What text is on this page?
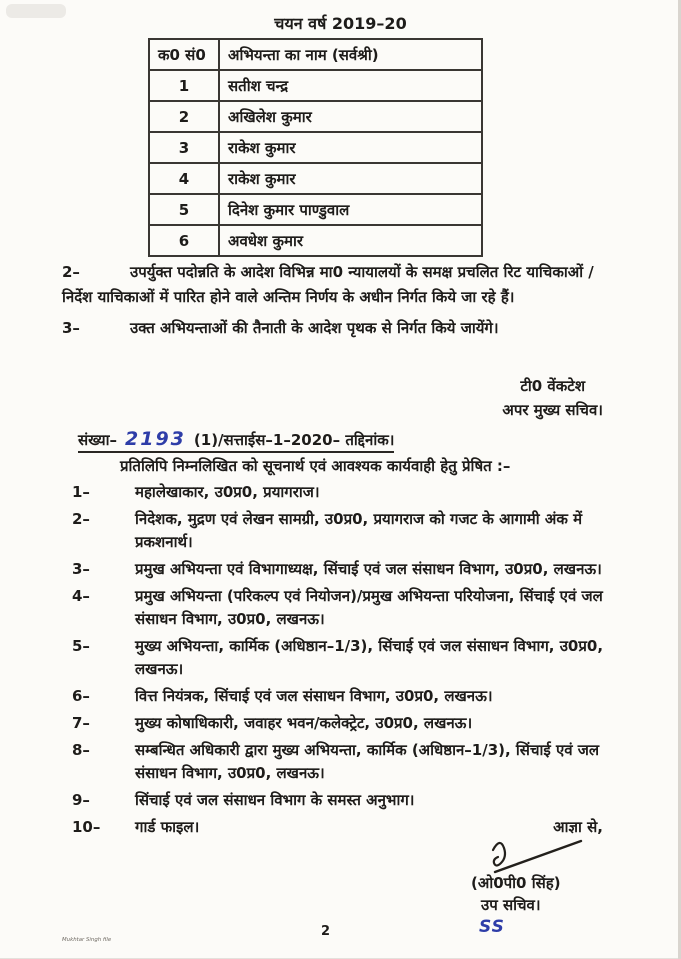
चयन वर्ष 2019–20
क0 सं0	अभियन्ता का नाम (सर्वश्री)
1	सतीश चन्द्र
2	अखिलेश कुमार
3	राकेश कुमार
4	राकेश कुमार
5	दिनेश कुमार पाण्डुवाल
6	अवधेश कुमार

2–	उपर्युक्त पदोन्नति के आदेश विभिन्न मा0 न्यायालयों के समक्ष प्रचलित रिट याचिकाओं / निर्देश याचिकाओं में पारित होने वाले अन्तिम निर्णय के अधीन निर्गत किये जा रहे हैं।

3–	उक्त अभियन्ताओं की तैनाती के आदेश पृथक से निर्गत किये जायेंगे।

टी0 वेंकटेश
अपर मुख्य सचिव।
संख्या– 2193 (1)/सत्ताईस–1–2020– तद्दिनांक।
प्रतिलिपि निम्नलिखित को सूचनार्थ एवं आवश्यक कार्यवाही हेतु प्रेषित :–
1–	महालेखाकार, उ0प्र0, प्रयागराज।
2–	निदेशक, मुद्रण एवं लेखन सामग्री, उ0प्र0, प्रयागराज को गजट के आगामी अंक में प्रकशनार्थ।
3–	प्रमुख अभियन्ता एवं विभागाध्यक्ष, सिंचाई एवं जल संसाधन विभाग, उ0प्र0, लखनऊ।
4–	प्रमुख अभियन्ता (परिकल्प एवं नियोजन)/प्रमुख अभियन्ता परियोजना, सिंचाई एवं जल संसाधन विभाग, उ0प्र0, लखनऊ।
5–	मुख्य अभियन्ता, कार्मिक (अधिष्ठान–1/3), सिंचाई एवं जल संसाधन विभाग, उ0प्र0, लखनऊ।
6–	वित्त नियंत्रक, सिंचाई एवं जल संसाधन विभाग, उ0प्र0, लखनऊ।
7–	मुख्य कोषाधिकारी, जवाहर भवन/कलेक्ट्रेट, उ0प्र0, लखनऊ।
8–	सम्बन्धित अधिकारी द्वारा मुख्य अभियन्ता, कार्मिक (अधिष्ठान–1/3), सिंचाई एवं जल संसाधन विभाग, उ0प्र0, लखनऊ।
9–	सिंचाई एवं जल संसाधन विभाग के समस्त अनुभाग।
10– गार्ड फाइल।	आज्ञा से,
(ओ0पी0 सिंह)
उप सचिव।
SS
Mukhtar Singh file
2
